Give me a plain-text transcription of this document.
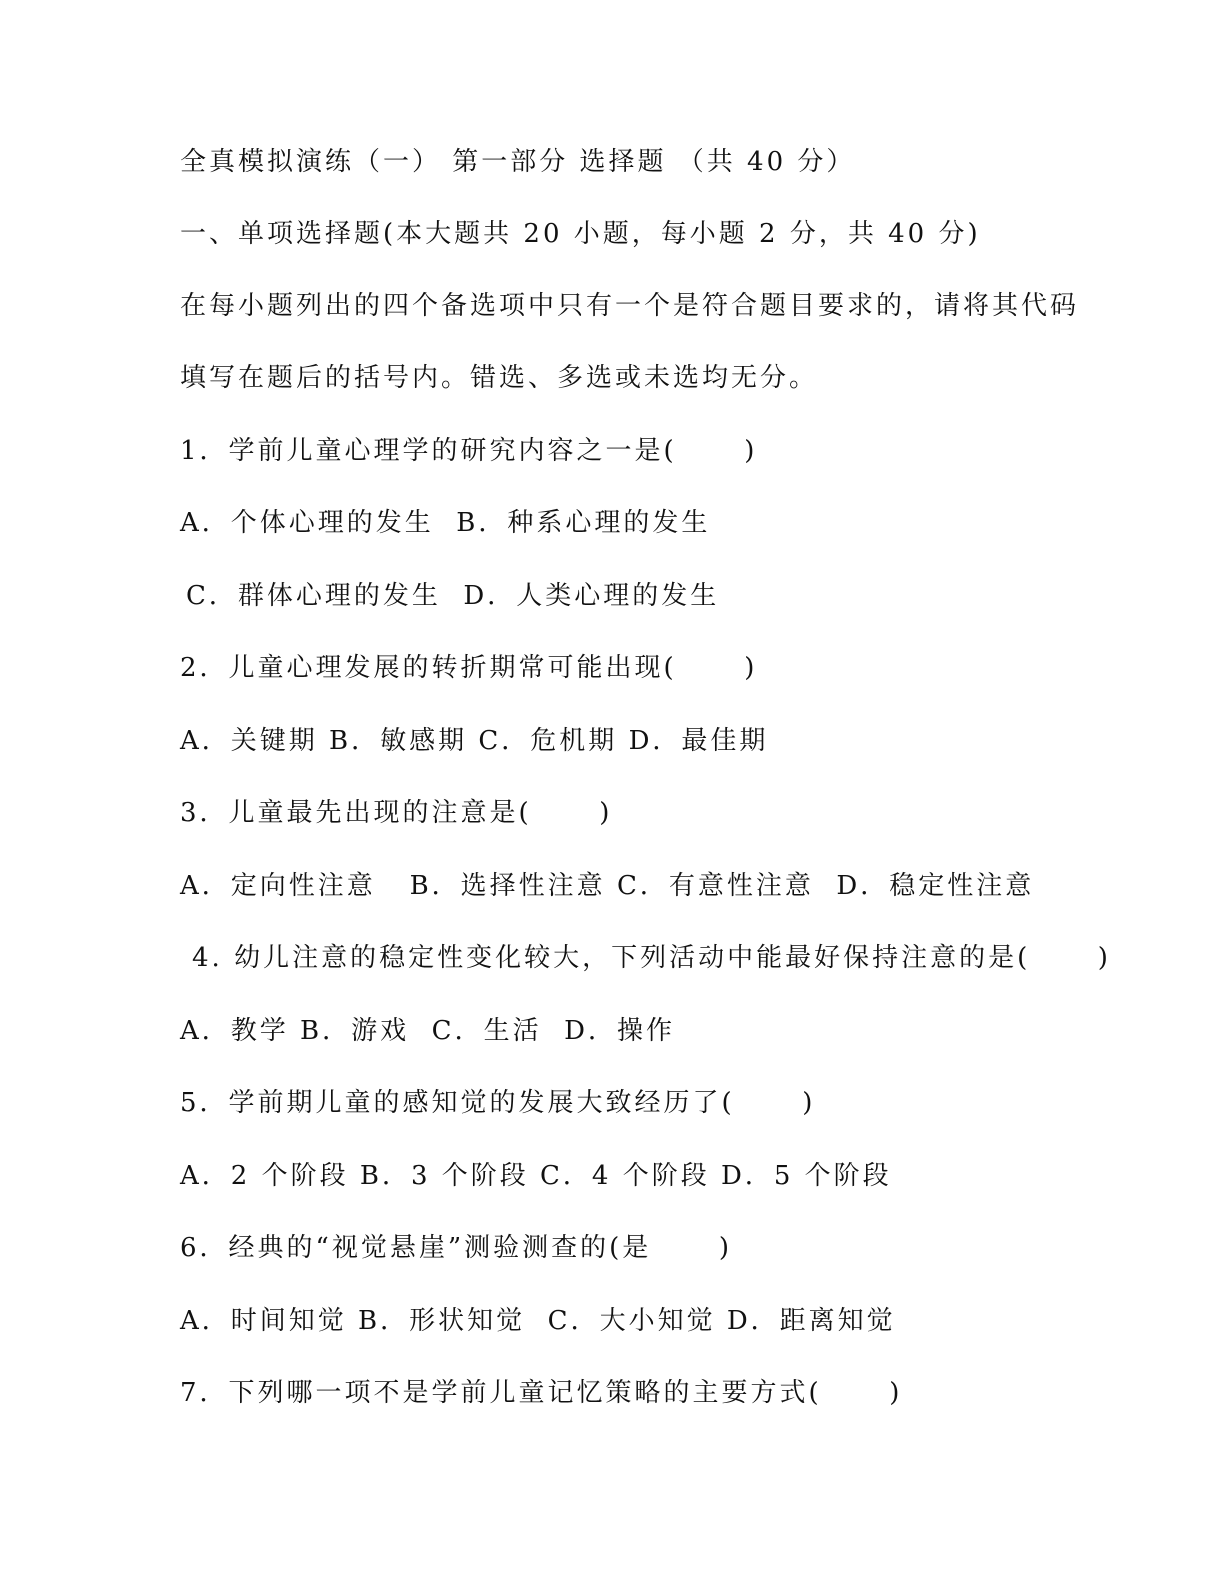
全真模拟演练（一） 第一部分 选择题 （共 40 分）
一、单项选择题(本大题共 20 小题，每小题 2 分，共 40 分)
在每小题列出的四个备选项中只有一个是符合题目要求的，请将其代码
填写在题后的括号内。错选、多选或未选均无分。
1．学前儿童心理学的研究内容之一是(      )
A．个体心理的发生  B．种系心理的发生
C．群体心理的发生  D．人类心理的发生
2．儿童心理发展的转折期常可能出现(      )
A．关键期 B．敏感期 C．危机期 D．最佳期
3．儿童最先出现的注意是(      )
A．定向性注意   B．选择性注意 C．有意性注意  D．稳定性注意
4. 幼儿注意的稳定性变化较大，下列活动中能最好保持注意的是(      )
A．教学 B．游戏  C．生活  D．操作
5．学前期儿童的感知觉的发展大致经历了(      )
A．2 个阶段 B．3 个阶段 C．4 个阶段 D．5 个阶段
6．经典的“视觉悬崖”测验测查的(是      )
A．时间知觉 B．形状知觉  C．大小知觉 D．距离知觉
7．下列哪一项不是学前儿童记忆策略的主要方式(      )
